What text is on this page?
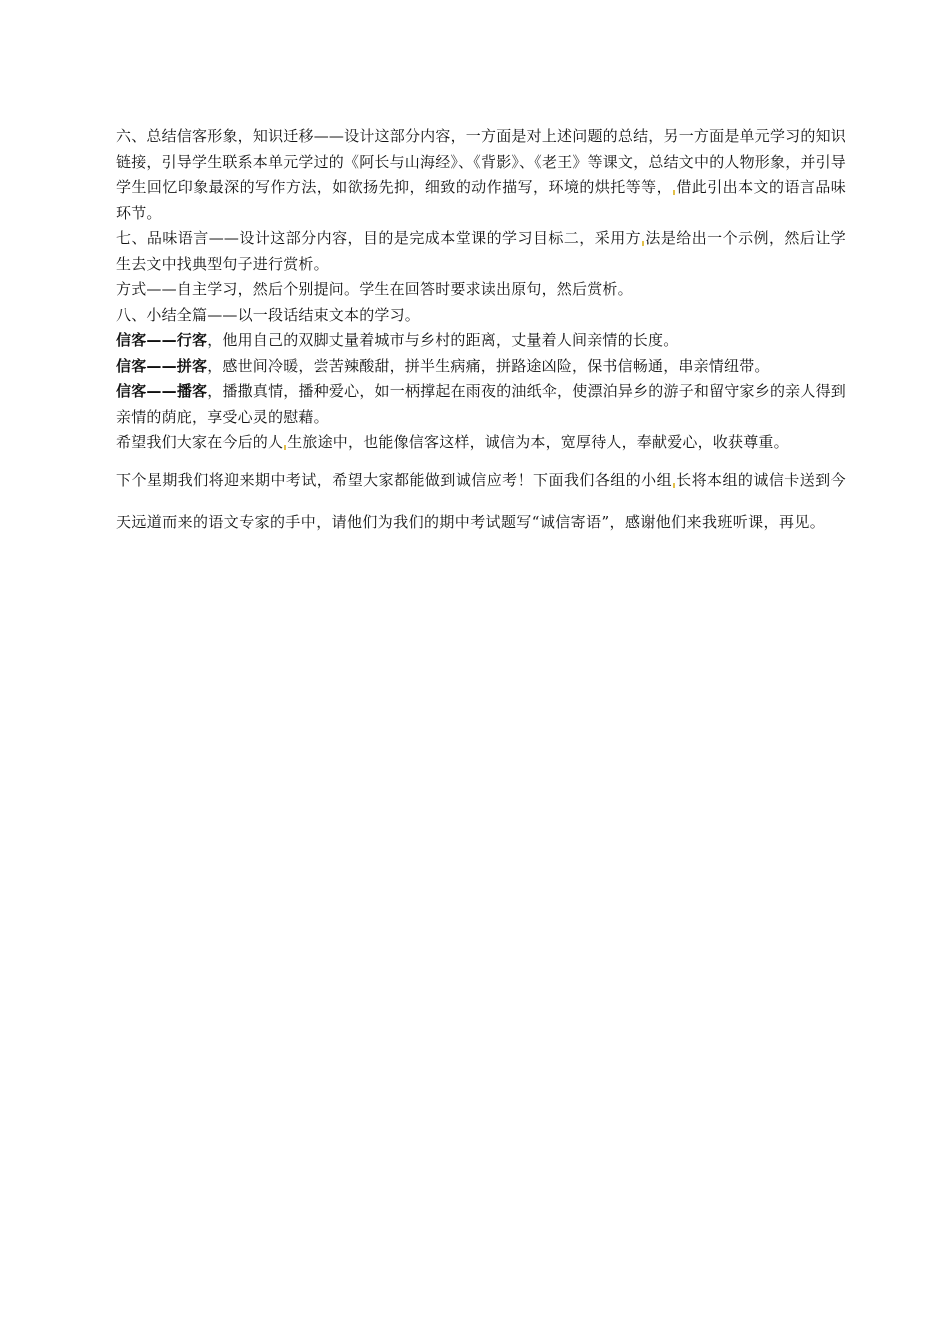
六、总结信客形象，知识迁移——设计这部分内容，一方面是对上述问题的总结，另一方面是单元学习的知识链接，引导学生联系本单元学过的《阿长与山海经》、《背影》、《老王》等课文，总结文中的人物形象，并引导学生回忆印象最深的写作方法，如欲扬先抑，细致的动作描写，环境的烘托等等， 借此引出本文的语言品味环节。

七、品味语言——设计这部分内容，目的是完成本堂课的学习目标二，采用方 法是给出一个示例，然后让学生去文中找典型句子进行赏析。

方式——自主学习，然后个别提问。学生在回答时要求读出原句，然后赏析。

八、小结全篇——以一段话结束文本的学习。

信客——行客，他用自己的双脚丈量着城市与乡村的距离，丈量着人间亲情的长度。

信客——拼客，感世间冷暖，尝苦辣酸甜，拼半生病痛，拼路途凶险，保书信畅通，串亲情纽带。

信客——播客，播撒真情，播种爱心，如一柄撑起在雨夜的油纸伞，使漂泊异乡的游子和留守家乡的亲人得到亲情的荫庇，享受心灵的慰藉。

希望我们大家在今后的人 生旅途中，也能像信客这样，诚信为本，宽厚待人，奉献爱心，收获尊重。

下个星期我们将迎来期中考试，希望大家都能做到诚信应考！下面我们各组的小组 长将本组的诚信卡送到今天远道而来的语文专家的手中，请他们为我们的期中考试题写“诚信寄语”，感谢他们来我班听课，再见。
